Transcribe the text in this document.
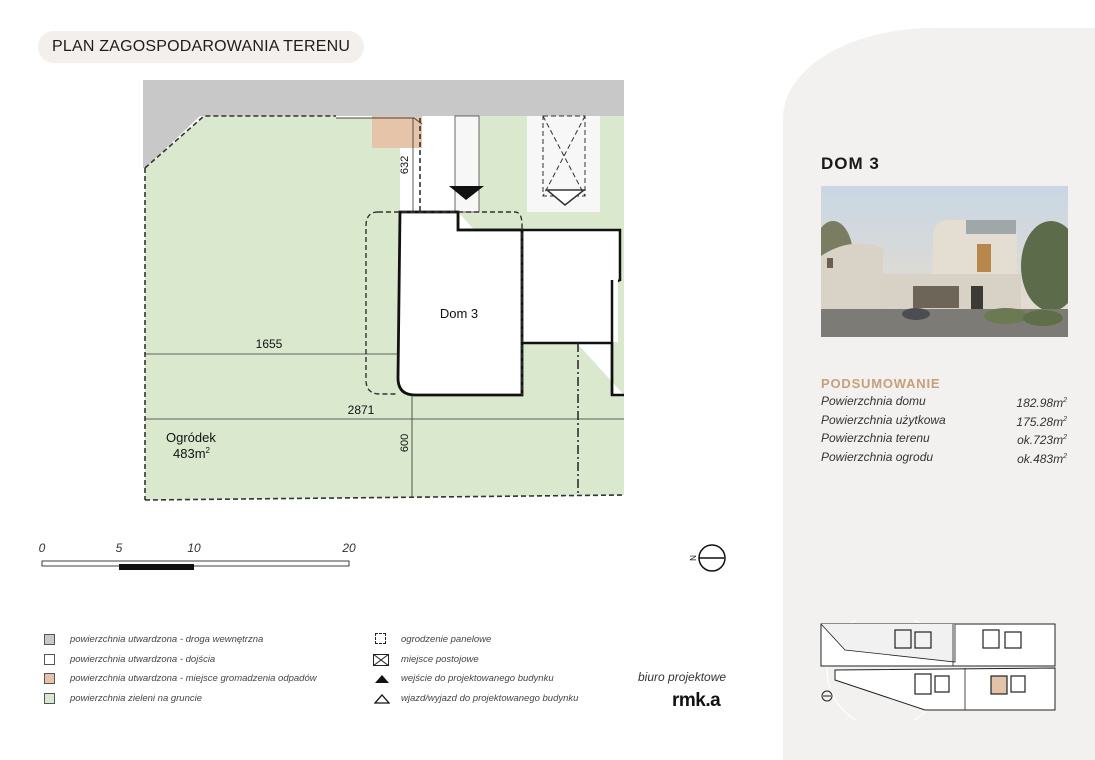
PLAN ZAGOSPODAROWANIA TERENU
DOM 3
PODSUMOWANIE
Powierzchnia domu	$182.98m^2$
Powierzchnia użytkowa	$175.28m^2$
Powierzchnia terenu	$ok.723m^2$
Powierzchnia ogrodu	$ok.483m^2$
1655
2871
632
600
Dom 3
Ogródek
$483m^2$
0	5	10	20
N
powierzchnia utwardzona - droga wewnętrzna
powierzchnia utwardzona - dojścia
powierzchnia utwardzona - miejsce gromadzenia odpadów
powierzchnia zieleni na gruncie
ogrodzenie panelowe
miejsce postojowe
wejście do projektowanego budynku
wjazd/wyjazd do projektowanego budynku
biuro projektowe
rmk.a
